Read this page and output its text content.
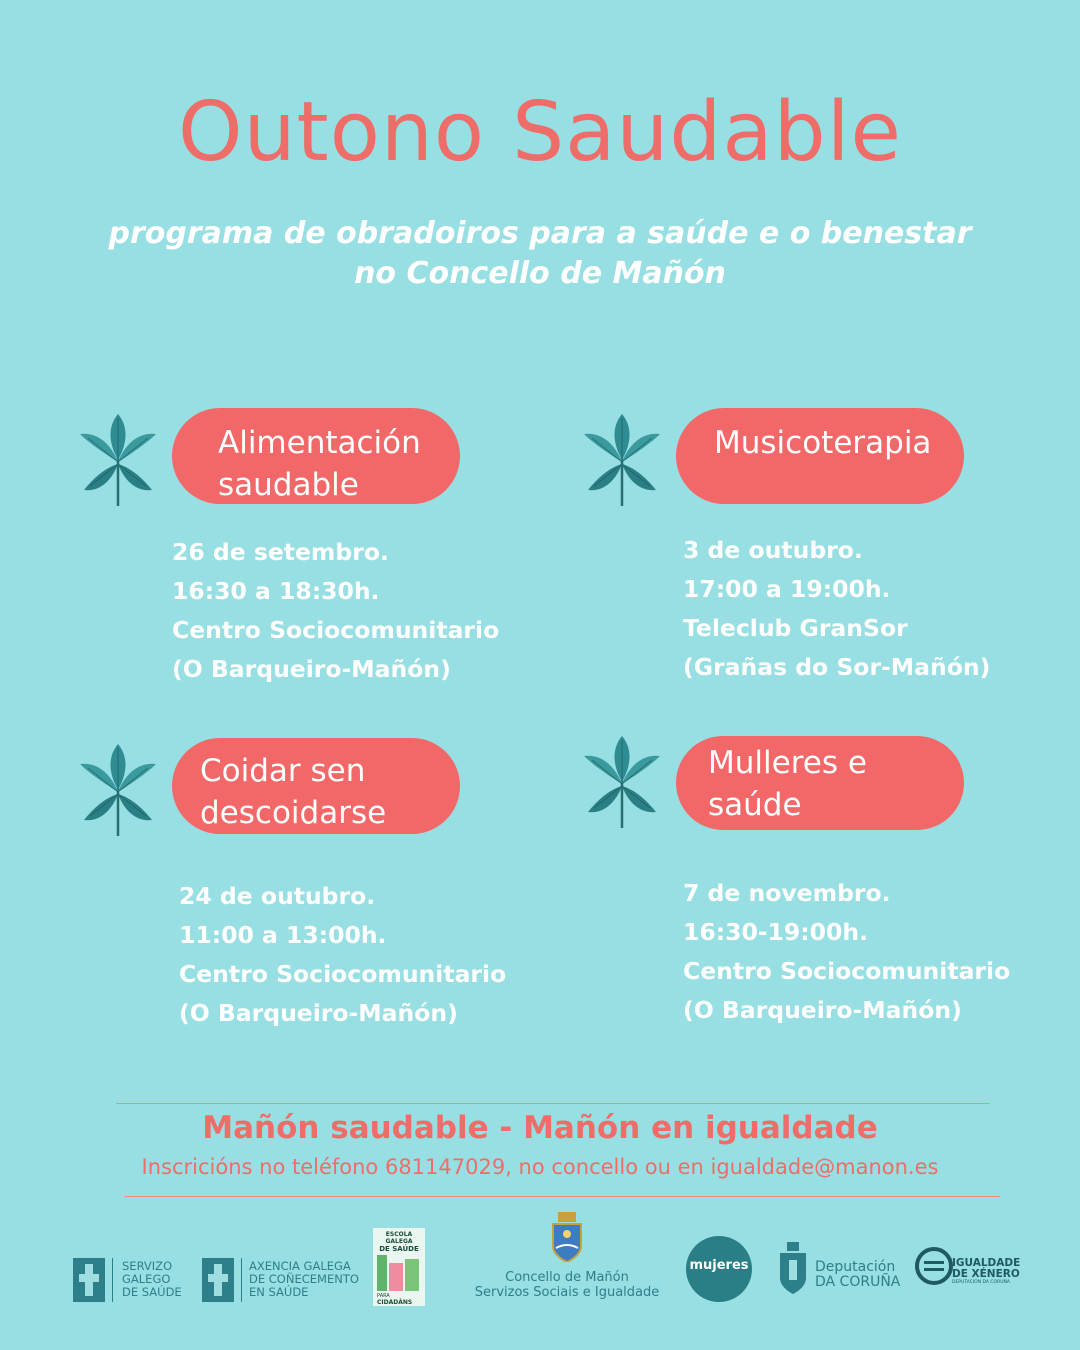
Outono Saudable
programa de obradoiros para a saúde e o benestar
no Concello de Mañón
Alimentación
saudable
26 de setembro.
16:30 a 18:30h.
Centro Sociocomunitario
(O Barqueiro-Mañón)
Musicoterapia
3 de outubro.
17:00 a 19:00h.
Teleclub GranSor
(Grañas do Sor-Mañón)
Coidar sen
descoidarse
24 de outubro.
11:00 a 13:00h.
Centro Sociocomunitario
(O Barqueiro-Mañón)
Mulleres e
saúde
7 de novembro.
16:30-19:00h.
Centro Sociocomunitario
(O Barqueiro-Mañón)
Mañón saudable - Mañón en igualdade
Inscricións no teléfono 681147029, no concello ou en igualdade@manon.es
SERVIZO
GALEGO
DE SAÚDE
AXENCIA GALEGA
DE COÑECEMENTO
EN SAÚDE
ESCOLA GALEGA
DE SAÚDE
PARA
CIDADÁNS
Concello de Mañón
Servizos Sociais e Igualdade
mujeres	Deputación
DA CORUÑA
IGUALDADE
DE XÉNERO
DEPUTACIÓN DA CORUÑA
